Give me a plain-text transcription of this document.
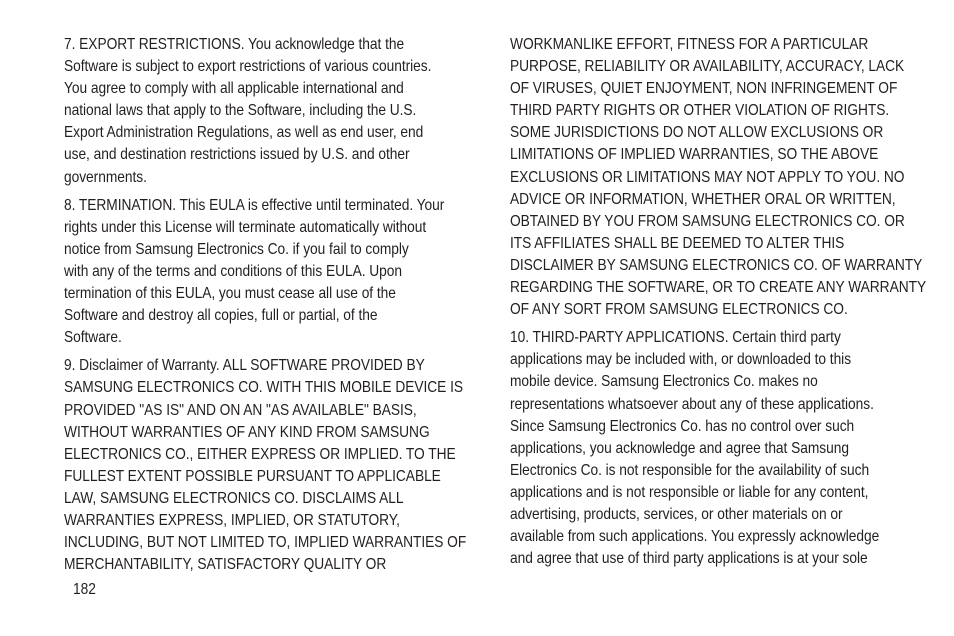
7. EXPORT RESTRICTIONS. You acknowledge that the
Software is subject to export restrictions of various countries.
You agree to comply with all applicable international and
national laws that apply to the Software, including the U.S.
Export Administration Regulations, as well as end user, end
use, and destination restrictions issued by U.S. and other
governments.
8. TERMINATION. This EULA is effective until terminated. Your
rights under this License will terminate automatically without
notice from Samsung Electronics Co. if you fail to comply
with any of the terms and conditions of this EULA. Upon
termination of this EULA, you must cease all use of the
Software and destroy all copies, full or partial, of the
Software.
9. Disclaimer of Warranty. ALL SOFTWARE PROVIDED BY
SAMSUNG ELECTRONICS CO. WITH THIS MOBILE DEVICE IS
PROVIDED "AS IS" AND ON AN "AS AVAILABLE" BASIS,
WITHOUT WARRANTIES OF ANY KIND FROM SAMSUNG
ELECTRONICS CO., EITHER EXPRESS OR IMPLIED. TO THE
FULLEST EXTENT POSSIBLE PURSUANT TO APPLICABLE
LAW, SAMSUNG ELECTRONICS CO. DISCLAIMS ALL
WARRANTIES EXPRESS, IMPLIED, OR STATUTORY,
INCLUDING, BUT NOT LIMITED TO, IMPLIED WARRANTIES OF
MERCHANTABILITY, SATISFACTORY QUALITY OR
WORKMANLIKE EFFORT, FITNESS FOR A PARTICULAR
PURPOSE, RELIABILITY OR AVAILABILITY, ACCURACY, LACK
OF VIRUSES, QUIET ENJOYMENT, NON INFRINGEMENT OF
THIRD PARTY RIGHTS OR OTHER VIOLATION OF RIGHTS.
SOME JURISDICTIONS DO NOT ALLOW EXCLUSIONS OR
LIMITATIONS OF IMPLIED WARRANTIES, SO THE ABOVE
EXCLUSIONS OR LIMITATIONS MAY NOT APPLY TO YOU. NO
ADVICE OR INFORMATION, WHETHER ORAL OR WRITTEN,
OBTAINED BY YOU FROM SAMSUNG ELECTRONICS CO. OR
ITS AFFILIATES SHALL BE DEEMED TO ALTER THIS
DISCLAIMER BY SAMSUNG ELECTRONICS CO. OF WARRANTY
REGARDING THE SOFTWARE, OR TO CREATE ANY WARRANTY
OF ANY SORT FROM SAMSUNG ELECTRONICS CO.
10. THIRD-PARTY APPLICATIONS. Certain third party
applications may be included with, or downloaded to this
mobile device. Samsung Electronics Co. makes no
representations whatsoever about any of these applications.
Since Samsung Electronics Co. has no control over such
applications, you acknowledge and agree that Samsung
Electronics Co. is not responsible for the availability of such
applications and is not responsible or liable for any content,
advertising, products, services, or other materials on or
available from such applications. You expressly acknowledge
and agree that use of third party applications is at your sole
182
